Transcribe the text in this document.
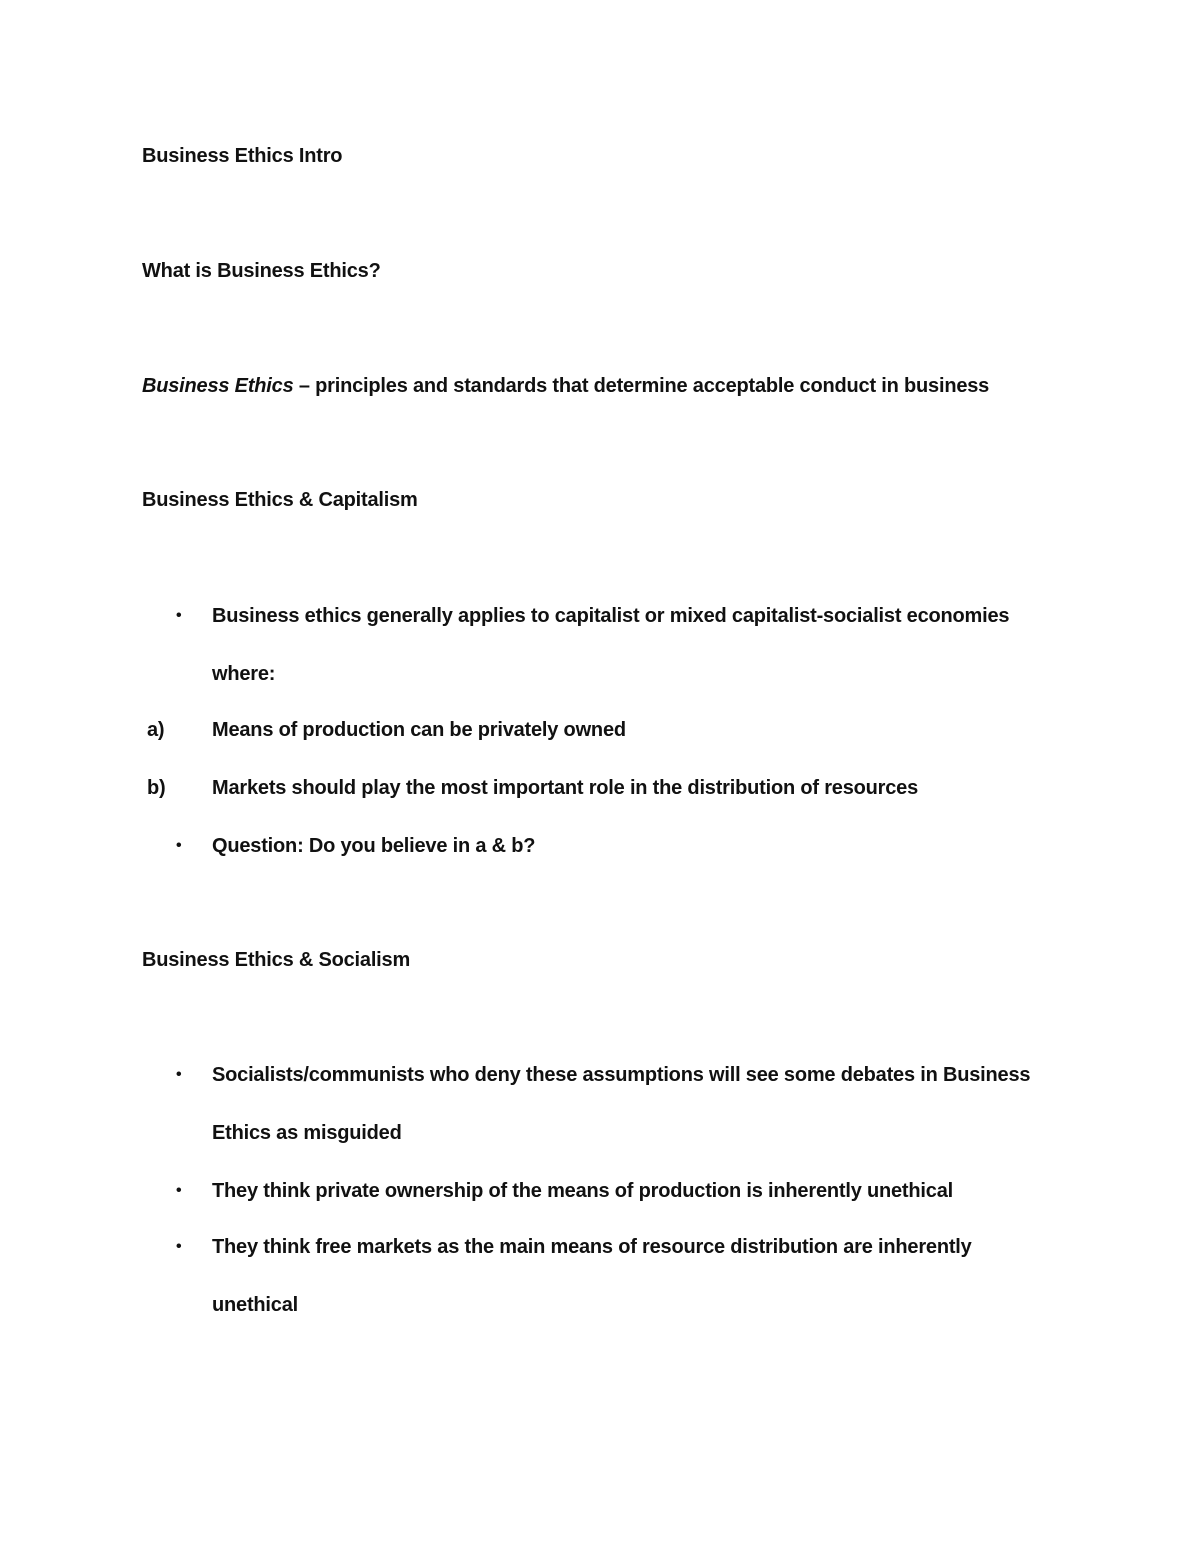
Business Ethics Intro
What is Business Ethics?
Business Ethics – principles and standards that determine acceptable conduct in business
Business Ethics & Capitalism
•	Business ethics generally applies to capitalist or mixed capitalist-socialist economies
where:
a)	Means of production can be privately owned
b)	Markets should play the most important role in the distribution of resources
•	Question: Do you believe in a & b?
Business Ethics & Socialism
•	Socialists/communists who deny these assumptions will see some debates in Business
Ethics as misguided
•	They think private ownership of the means of production is inherently unethical
•	They think free markets as the main means of resource distribution are inherently
unethical
